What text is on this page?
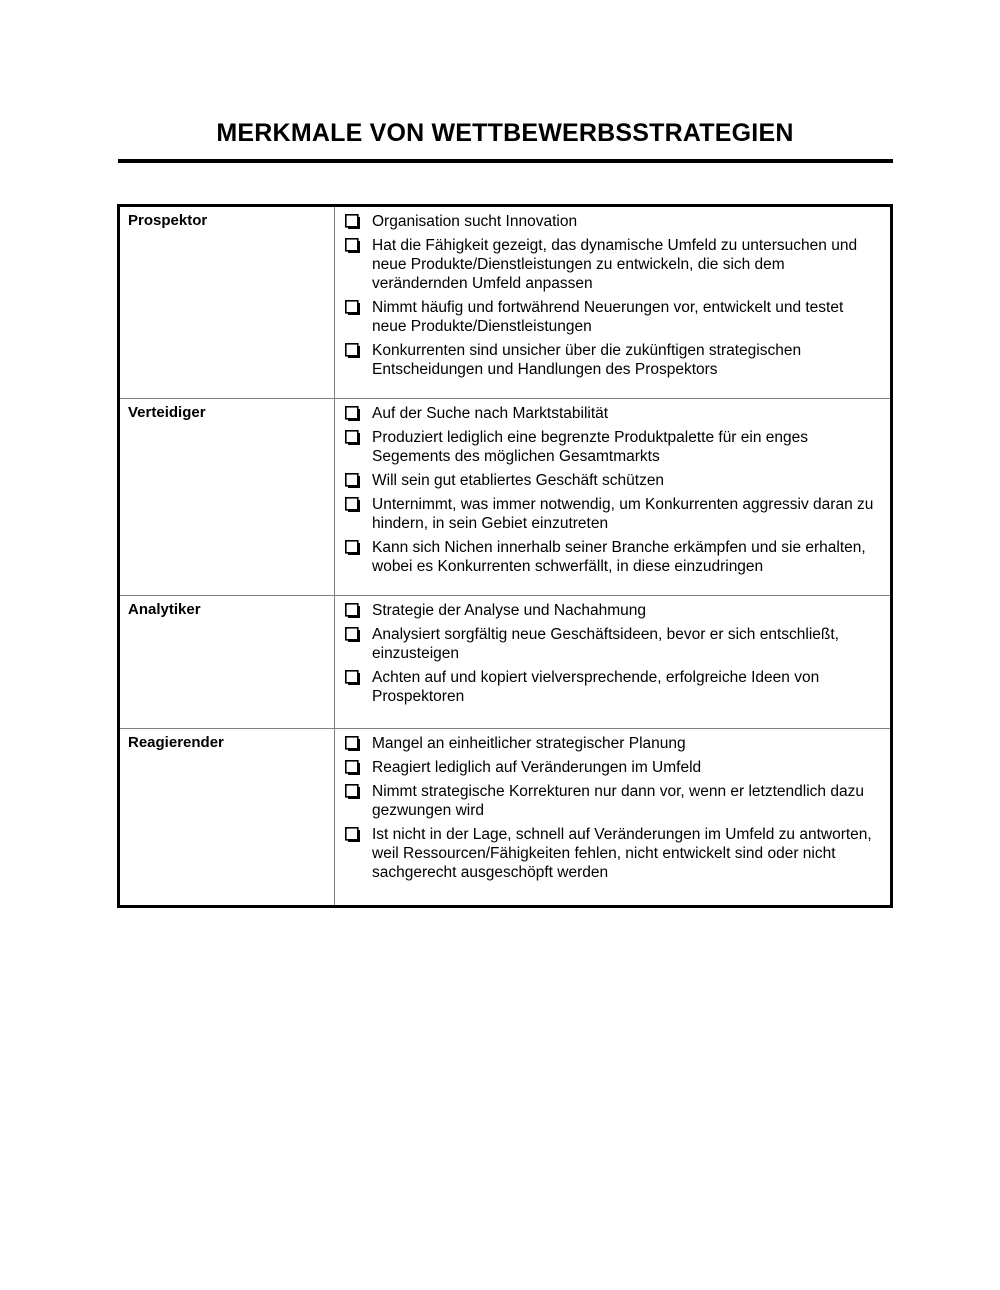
MERKMALE VON WETTBEWERBSSTRATEGIEN
Prospektor	Organisation sucht Innovation
Hat die Fähigkeit gezeigt, das dynamische Umfeld zu untersuchen und neue Produkte/Dienstleistungen zu entwickeln, die sich dem verändernden Umfeld anpassen
Nimmt häufig und fortwährend Neuerungen vor, entwickelt und testet neue Produkte/Dienstleistungen
Konkurrenten sind unsicher über die zukünftigen strategischen Entscheidungen und Handlungen des Prospektors
Verteidiger	Auf der Suche nach Marktstabilität
Produziert lediglich eine begrenzte Produktpalette für ein enges Segements des möglichen Gesamtmarkts
Will sein gut etabliertes Geschäft schützen
Unternimmt, was immer notwendig, um Konkurrenten aggressiv daran zu hindern, in sein Gebiet einzutreten
Kann sich Nichen innerhalb seiner Branche erkämpfen und sie erhalten, wobei es Konkurrenten schwerfällt, in diese einzudringen
Analytiker	Strategie der Analyse und Nachahmung
Analysiert sorgfältig neue Geschäftsideen, bevor er sich entschließt, einzusteigen
Achten auf und kopiert vielversprechende, erfolgreiche Ideen von Prospektoren
Reagierender	Mangel an einheitlicher strategischer Planung
Reagiert lediglich auf Veränderungen im Umfeld
Nimmt strategische Korrekturen nur dann vor, wenn er letztendlich dazu gezwungen wird
Ist nicht in der Lage, schnell auf Veränderungen im Umfeld zu antworten, weil Ressourcen/Fähigkeiten fehlen, nicht entwickelt sind oder nicht sachgerecht ausgeschöpft werden
